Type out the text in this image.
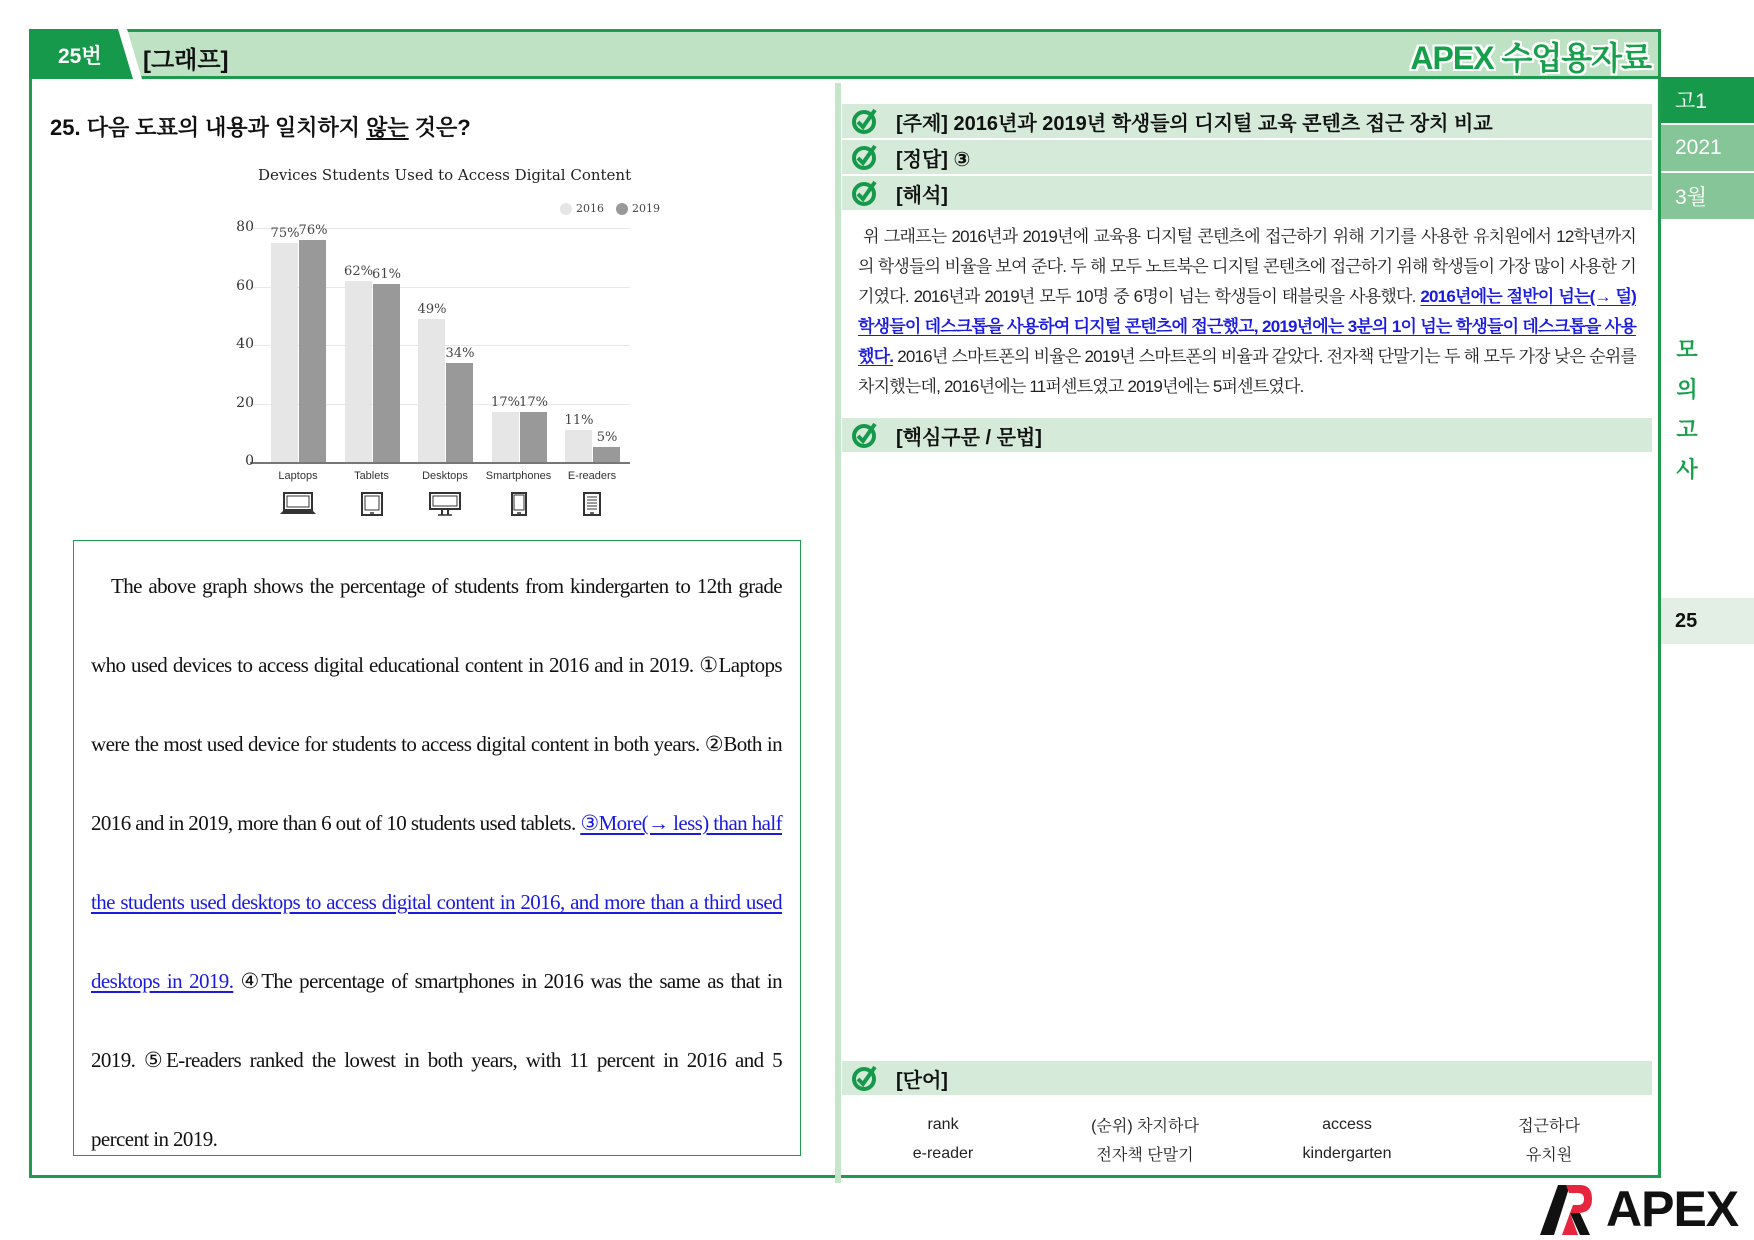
25번 [그래프]	APEX 수업용자료
25. 다음 도표의 내용과 일치하지 않는 것은?
Devices Students Used to Access Digital Content
2016	2019
80
60
40
20
0
75% 76%
Laptops
62% 61%
Tablets
49%
34%
Desktops
17% 17%
Smartphones
11%
5%
E-readers

The above graph shows the percentage of students from kindergarten to 12th grade who used devices to access digital educational content in 2016 and in 2019. ①Laptops were the most used device for students to access digital content in both years. ②Both in 2016 and in 2019, more than 6 out of 10 students used tablets. ③More(→ less) than half the students used desktops to access digital content in 2016, and more than a third used desktops in 2019. ④The percentage of smartphones in 2016 was the same as that in 2019. ⑤E-readers ranked the lowest in both years, with 11 percent in 2016 and 5 percent in 2019.

[주제] 2016년과 2019년 학생들의 디지털 교육 콘텐츠 접근 장치 비교
[정답] ③
[해석]
위 그래프는 2016년과 2019년에 교육용 디지털 콘텐츠에 접근하기 위해 기기를 사용한 유치원에서 12학년까지의 학생들의 비율을 보여 준다. 두 해 모두 노트북은 디지털 콘텐츠에 접근하기 위해 학생들이 가장 많이 사용한 기기였다. 2016년과 2019년 모두 10명 중 6명이 넘는 학생들이 태블릿을 사용했다. 2016년에는 절반이 넘는(→ 덜) 학생들이 데스크톱을 사용하여 디지털 콘텐츠에 접근했고, 2019년에는 3분의 1이 넘는 학생들이 데스크톱을 사용했다. 2016년 스마트폰의 비율은 2019년 스마트폰의 비율과 같았다. 전자책 단말기는 두 해 모두 가장 낮은 순위를 차지했는데, 2016년에는 11퍼센트였고 2019년에는 5퍼센트였다.
[핵심구문 / 문법]
[단어]
rank	(순위) 차지하다	access	접근하다
e-reader	전자책 단말기	kindergarten	유치원
고1
2021
3월
모
의
고
사
25
APEX
